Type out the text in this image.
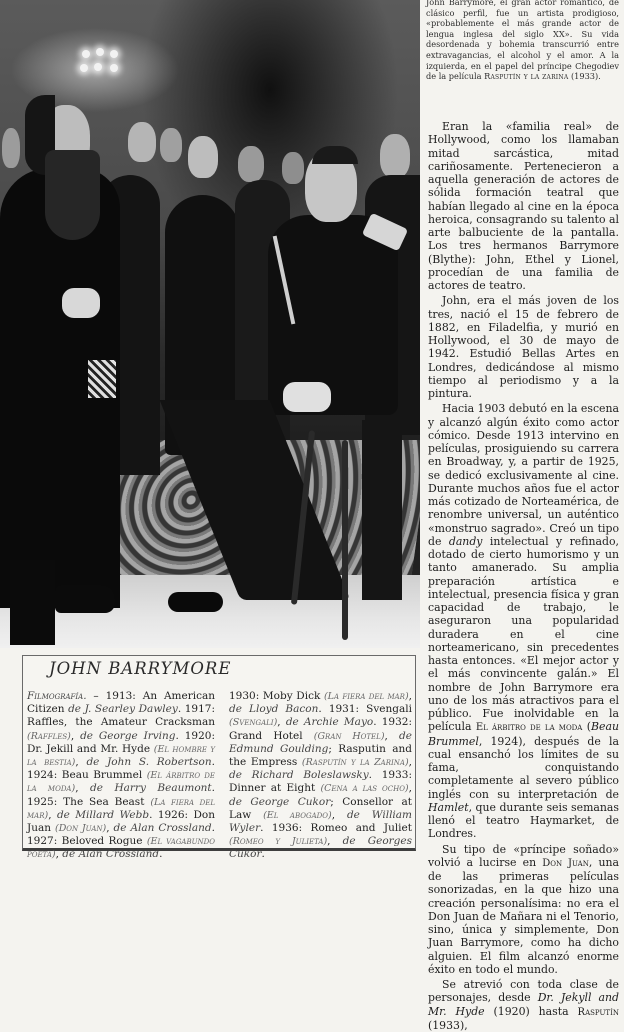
John Barrymore, el gran actor romántico, de clásico perfil, fue un artista prodigioso, «probablemente el más grande actor de lengua inglesa del siglo XX». Su vida desordenada y bohemia transcurrió entre extravagancias, el alcohol y el amor. A la izquierda, en el papel del príncipe Chegodiev de la película Rasputín y la zarina (1933).

Eran la «familia real» de Hollywood, como los llamaban mitad sarcástica, mitad cariñosamente. Pertenecieron a aquella generación de actores de sólida formación teatral que habían llegado al cine en la época heroica, consagrando su talento al arte balbuciente de la pantalla. Los tres hermanos Barrymore (Blythe): John, Ethel y Lionel, procedían de una familia de actores de teatro.

John, era el más joven de los tres, nació el 15 de febrero de 1882, en Filadelfia, y murió en Hollywood, el 30 de mayo de 1942. Estudió Bellas Artes en Londres, dedicándose al mismo tiempo al periodismo y a la pintura.

Hacia 1903 debutó en la escena y alcanzó algún éxito como actor cómico. Desde 1913 intervino en películas, prosiguiendo su carrera en Broadway, y, a partir de 1925, se dedicó exclusivamente al cine. Durante muchos años fue el actor más cotizado de Norteamérica, de renombre universal, un auténtico «monstruo sagrado». Creó un tipo de dandy intelectual y refinado, dotado de cierto humorismo y un tanto amanerado. Su amplia preparación artística e intelectual, presencia física y gran capacidad de trabajo, le aseguraron una popularidad duradera en el cine norteamericano, sin precedentes hasta entonces. «El mejor actor y el más convincente galán.» El nombre de John Barrymore era uno de los más atractivos para el público. Fue inolvidable en la película El árbitro de la moda (Beau Brummel, 1924), después de la cual ensanchó los límites de su fama, conquistando completamente al severo público inglés con su interpretación de Hamlet, que durante seis semanas llenó el teatro Haymarket, de Londres.

Su tipo de «príncipe soñado» volvió a lucirse en Don Juan, una de las primeras películas sonorizadas, en la que hizo una creación personalísima: no era el Don Juan de Mañara ni el Tenorio, sino, única y simplemente, Don Juan Barrymore, como ha dicho alguien. El film alcanzó enorme éxito en todo el mundo.

Se atrevió con toda clase de personajes, desde Dr. Jekyll and Mr. Hyde (1920) hasta Rasputín (1933),

JOHN BARRYMORE
Filmografía. – 1913: An American Citizen de J. Searley Dawley. 1917: Raffles, the Amateur Cracksman (Raffles), de George Irving. 1920: Dr. Jekill and Mr. Hyde (El hombre y la bestia), de John S. Robertson. 1924: Beau Brummel (El árbitro de la moda), de Harry Beaumont. 1925: The Sea Beast (La fiera del mar), de Millard Webb. 1926: Don Juan (Don Juan), de Alan Crossland. 1927: Beloved Rogue (El vagabundo poeta), de Alan Crossland.
1930: Moby Dick (La fiera del mar), de Lloyd Bacon. 1931: Svengali (Svengali), de Archie Mayo. 1932: Grand Hotel (Gran Hotel), de Edmund Goulding; Rasputin and the Empress (Rasputín y la Zarina), de Richard Boleslawsky. 1933: Dinner at Eight (Cena a las ocho), de George Cukor; Consellor at Law (El abogado), de William Wyler. 1936: Romeo and Juliet (Romeo y Julieta), de Georges Cukor.
